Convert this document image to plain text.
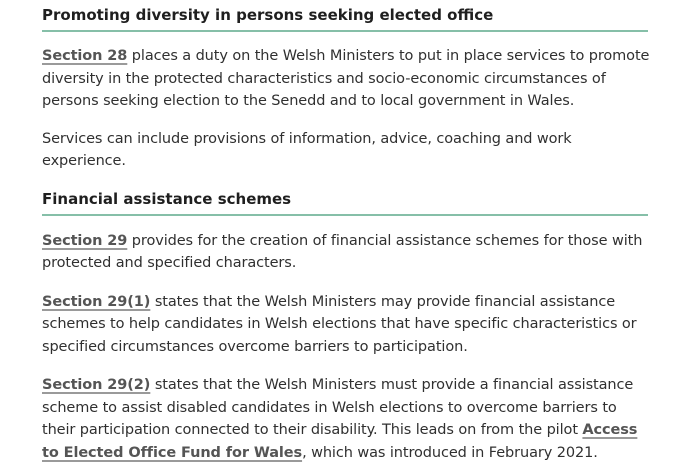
Promoting diversity in persons seeking elected office

Section 28 places a duty on the Welsh Ministers to put in place services to promote diversity in the protected characteristics and socio-economic circumstances of persons seeking election to the Senedd and to local government in Wales.

Services can include provisions of information, advice, coaching and work experience.

Financial assistance schemes

Section 29 provides for the creation of financial assistance schemes for those with protected and specified characters.

Section 29(1) states that the Welsh Ministers may provide financial assistance schemes to help candidates in Welsh elections that have specific characteristics or specified circumstances overcome barriers to participation.

Section 29(2) states that the Welsh Ministers must provide a financial assistance scheme to assist disabled candidates in Welsh elections to overcome barriers to their participation connected to their disability. This leads on from the pilot Access to Elected Office Fund for Wales, which was introduced in February 2021.
